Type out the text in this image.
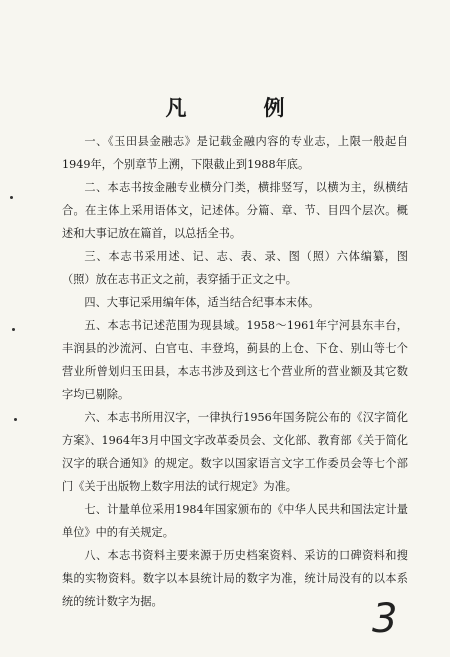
凡　例

一、《玉田县金融志》是记载金融内容的专业志，上限一般起自1949年，个别章节上溯，下限截止到1988年底。

二、本志书按金融专业横分门类，横排竖写，以横为主，纵横结合。在主体上采用语体文，记述体。分篇、章、节、目四个层次。概述和大事记放在篇首，以总括全书。

三、本志书采用述、记、志、表、录、图（照）六体编纂，图（照）放在志书正文之前，表穿插于正文之中。

四、大事记采用编年体，适当结合纪事本末体。

五、本志书记述范围为现县域。1958～1961年宁河县东丰台，丰润县的沙流河、白官屯、丰登坞，蓟县的上仓、下仓、别山等七个营业所曾划归玉田县，本志书涉及到这七个营业所的营业额及其它数字均已剔除。

六、本志书所用汉字，一律执行1956年国务院公布的《汉字简化方案》、1964年3月中国文字改革委员会、文化部、教育部《关于简化汉字的联合通知》的规定。数字以国家语言文字工作委员会等七个部门《关于出版物上数字用法的试行规定》为准。

七、计量单位采用1984年国家颁布的《中华人民共和国法定计量单位》中的有关规定。

八、本志书资料主要来源于历史档案资料、采访的口碑资料和搜集的实物资料。数字以本县统计局的数字为准，统计局没有的以本系统的统计数字为据。	3
